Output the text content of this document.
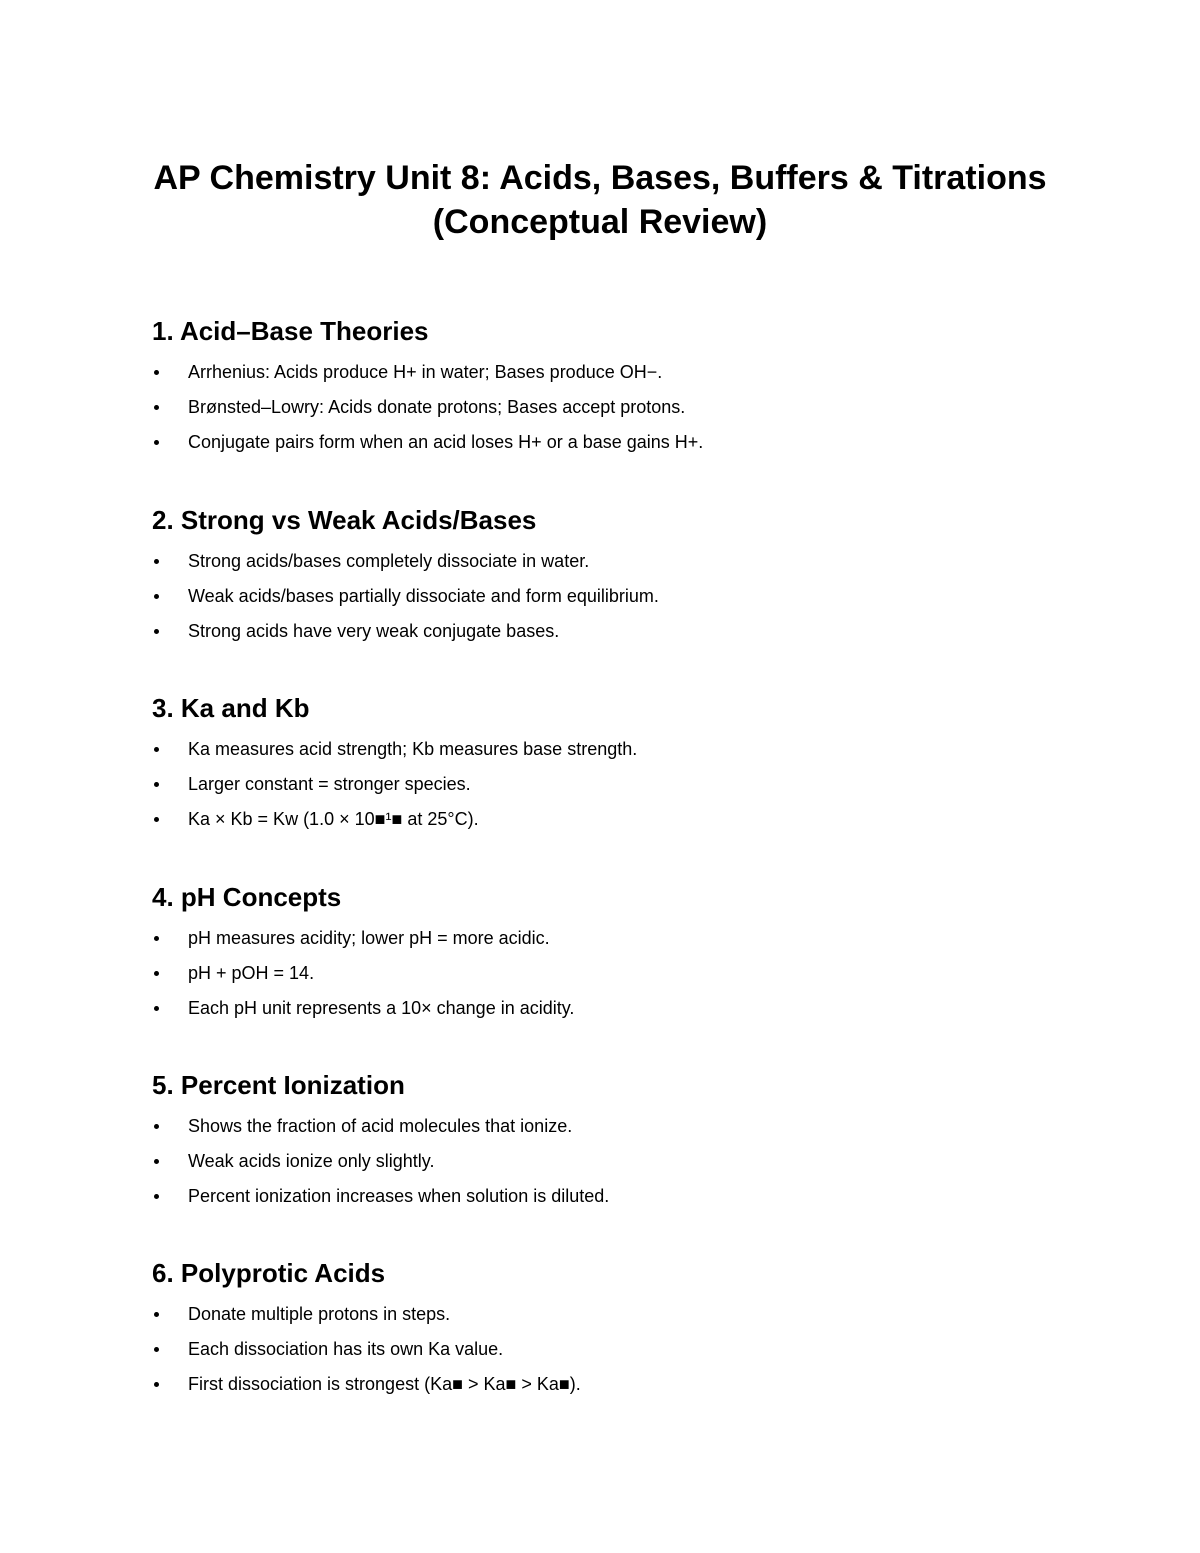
AP Chemistry Unit 8: Acids, Bases, Buffers & Titrations (Conceptual Review)
1. Acid–Base Theories
Arrhenius: Acids produce H+ in water; Bases produce OH−.
Brønsted–Lowry: Acids donate protons; Bases accept protons.
Conjugate pairs form when an acid loses H+ or a base gains H+.
2. Strong vs Weak Acids/Bases
Strong acids/bases completely dissociate in water.
Weak acids/bases partially dissociate and form equilibrium.
Strong acids have very weak conjugate bases.
3. Ka and Kb
Ka measures acid strength; Kb measures base strength.
Larger constant = stronger species.
Ka × Kb = Kw (1.0 × 10■¹■ at 25°C).
4. pH Concepts
pH measures acidity; lower pH = more acidic.
pH + pOH = 14.
Each pH unit represents a 10× change in acidity.
5. Percent Ionization
Shows the fraction of acid molecules that ionize.
Weak acids ionize only slightly.
Percent ionization increases when solution is diluted.
6. Polyprotic Acids
Donate multiple protons in steps.
Each dissociation has its own Ka value.
First dissociation is strongest (Ka■ > Ka■ > Ka■).
